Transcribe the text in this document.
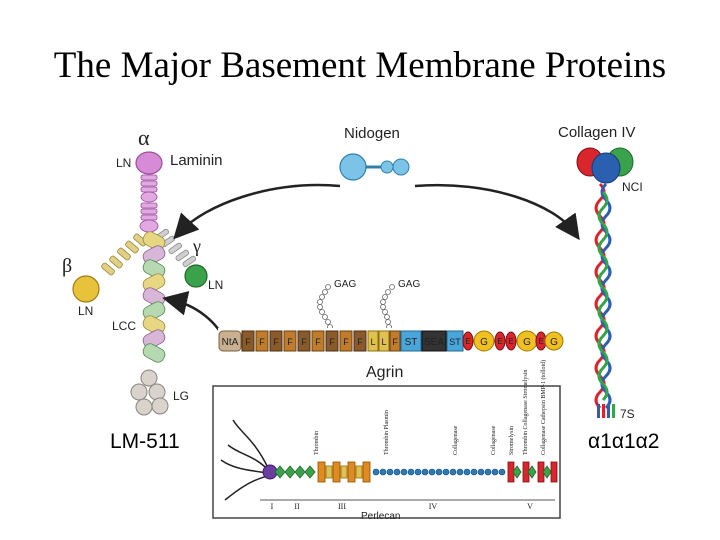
The Major Basement Membrane Proteins
α
LN	Laminin
γ
LN
β
LN
LCC
LG
Nidogen	Collagen IV
NCI
7S
GAG	GAG
NtA F F F F F F F F F L L F ST SEA ST E G E E G E G
Agrin
Thrombin	Thrombin Plasmin	Collagenase	Collagenase Stromelysin Thrombin Collagenase Stromelysin Collagenase Cathepsin BMP-1 (tolloid)
I	II	III	IV	V
Perlecan
LM-511	α1α1α2
